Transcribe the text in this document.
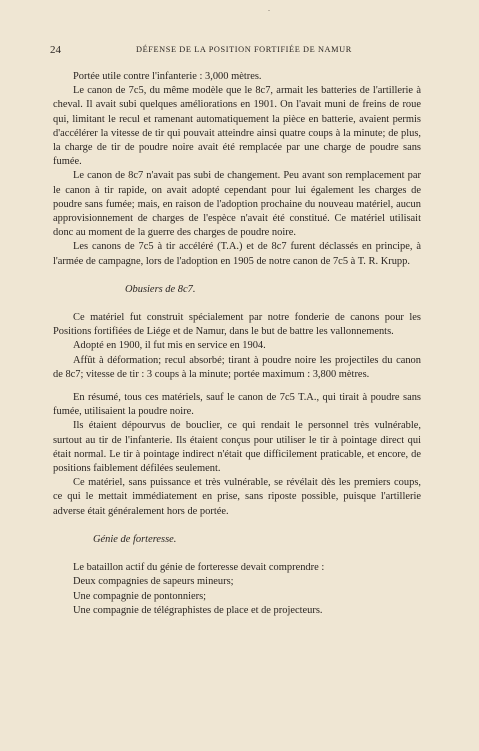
.
24	DÉFENSE DE LA POSITION FORTIFIÉE DE NAMUR

Portée utile contre l'infanterie : 3,000 mètres.

Le canon de 7c5, du même modèle que le 8c7, armait les batteries de l'artillerie à cheval. Il avait subi quelques améliorations en 1901. On l'avait muni de freins de roue qui, limitant le recul et ramenant automatiquement la pièce en batterie, avaient permis d'accélérer la vitesse de tir qui pouvait atteindre ainsi quatre coups à la minute; de plus, la charge de tir de poudre noire avait été remplacée par une charge de poudre sans fumée.

Le canon de 8c7 n'avait pas subi de changement. Peu avant son remplacement par le canon à tir rapide, on avait adopté cependant pour lui également les charges de poudre sans fumée; mais, en raison de l'adoption prochaine du nouveau matériel, aucun approvisionnement de charges de l'espèce n'avait été constitué. Ce matériel utilisait donc au moment de la guerre des charges de poudre noire.

Les canons de 7c5 à tir accéléré (T.A.) et de 8c7 furent déclassés en principe, à l'armée de campagne, lors de l'adoption en 1905 de notre canon de 7c5 à T. R. Krupp.

Obusiers de 8c7.

Ce matériel fut construit spécialement par notre fonderie de canons pour les Positions fortifiées de Liége et de Namur, dans le but de battre les vallonnements.

Adopté en 1900, il fut mis en service en 1904.

Affût à déformation; recul absorbé; tirant à poudre noire les projectiles du canon de 8c7; vitesse de tir : 3 coups à la minute; portée maximum : 3,800 mètres.

En résumé, tous ces matériels, sauf le canon de 7c5 T.A., qui tirait à poudre sans fumée, utilisaient la poudre noire.

Ils étaient dépourvus de bouclier, ce qui rendait le personnel très vulnérable, surtout au tir de l'infanterie. Ils étaient conçus pour utiliser le tir à pointage direct qui était normal. Le tir à pointage indirect n'était que difficilement praticable, et encore, de positions faiblement défilées seulement.

Ce matériel, sans puissance et très vulnérable, se révélait dès les premiers coups, ce qui le mettait immédiatement en prise, sans riposte possible, puisque l'artillerie adverse était généralement hors de portée.

Génie de forteresse.

Le bataillon actif du génie de forteresse devait comprendre :

Deux compagnies de sapeurs mineurs;

Une compagnie de pontonniers;

Une compagnie de télégraphistes de place et de projecteurs.
